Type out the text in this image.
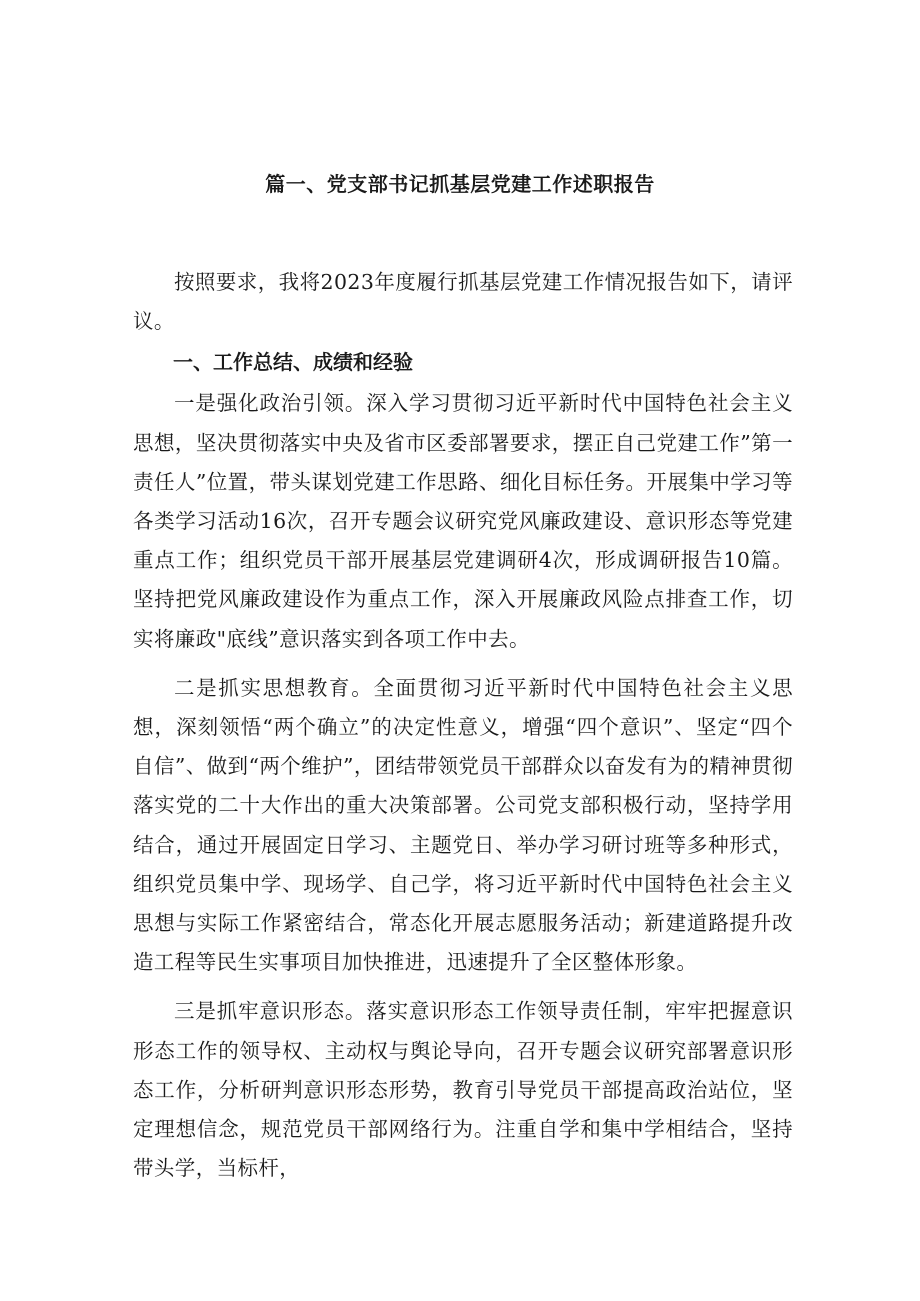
篇一、党支部书记抓基层党建工作述职报告

按照要求，我将2023年度履行抓基层党建工作情况报告如下，请评议。

一、工作总结、成绩和经验

一是强化政治引领。深入学习贯彻习近平新时代中国特色社会主义思想，坚决贯彻落实中央及省市区委部署要求，摆正自己党建工作”第一责任人”位置，带头谋划党建工作思路、细化目标任务。开展集中学习等各类学习活动16次，召开专题会议研究党风廉政建设、意识形态等党建重点工作；组织党员干部开展基层党建调研4次，形成调研报告10篇。坚持把党风廉政建设作为重点工作，深入开展廉政风险点排查工作，切实将廉政"底线”意识落实到各项工作中去。

二是抓实思想教育。全面贯彻习近平新时代中国特色社会主义思想，深刻领悟“两个确立”的决定性意义，增强“四个意识”、坚定“四个自信”、做到“两个维护”，团结带领党员干部群众以奋发有为的精神贯彻落实党的二十大作出的重大决策部署。公司党支部积极行动，坚持学用结合，通过开展固定日学习、主题党日、举办学习研讨班等多种形式，组织党员集中学、现场学、自己学，将习近平新时代中国特色社会主义思想与实际工作紧密结合，常态化开展志愿服务活动；新建道路提升改造工程等民生实事项目加快推进，迅速提升了全区整体形象。

三是抓牢意识形态。落实意识形态工作领导责任制，牢牢把握意识形态工作的领导权、主动权与舆论导向，召开专题会议研究部署意识形态工作，分析研判意识形态形势，教育引导党员干部提高政治站位，坚定理想信念，规范党员干部网络行为。注重自学和集中学相结合，坚持带头学，当标杆，
